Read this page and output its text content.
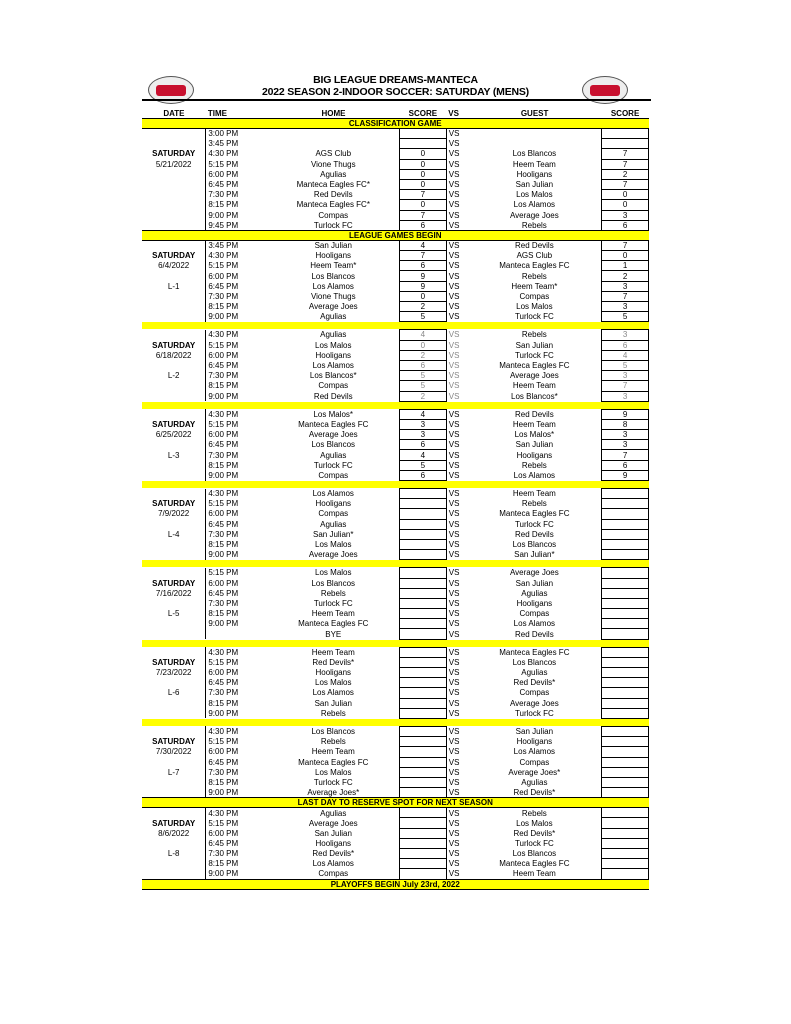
BIG LEAGUE DREAMS-MANTECA
2022 SEASON 2-INDOOR SOCCER: SATURDAY (MENS)
DATE	TIME	HOME	SCORE	VS	GUEST	SCORE
CLASSIFICATION GAME						
	3:00 PM			VS		
	3:45 PM			VS		
SATURDAY	4:30 PM	AGS Club	0	VS	Los Blancos	7
5/21/2022	5:15 PM	Vione Thugs	0	VS	Heem Team	7
	6:00 PM	Agulias	0	VS	Hooligans	2
	6:45 PM	Manteca Eagles FC*	0	VS	San Julian	7
	7:30 PM	Red Devils	7	VS	Los Malos	0
	8:15 PM	Manteca Eagles FC*	0	VS	Los Alamos	0
	9:00 PM	Compas	7	VS	Average Joes	3
	9:45 PM	Turlock FC	6	VS	Rebels	6
LEAGUE GAMES BEGIN						
	3:45 PM	San Julian	4	VS	Red Devils	7
SATURDAY	4:30 PM	Hooligans	7	VS	AGS Club	0
6/4/2022	5:15 PM	Heem Team*	6	VS	Manteca Eagles FC	1
	6:00 PM	Los Blancos	9	VS	Rebels	2
L-1	6:45 PM	Los Alamos	9	VS	Heem Team*	3
	7:30 PM	Vione Thugs	0	VS	Compas	7
	8:15 PM	Average Joes	2	VS	Los Malos	3
	9:00 PM	Agulias	5	VS	Turlock FC	5

	4:30 PM	Agulias	4	VS	Rebels	3
SATURDAY	5:15 PM	Los Malos	0	VS	San Julian	6
6/18/2022	6:00 PM	Hooligans	2	VS	Turlock FC	4
	6:45 PM	Los Alamos	6	VS	Manteca Eagles FC	5
L-2	7:30 PM	Los Blancos*	5	VS	Average Joes	3
	8:15 PM	Compas	5	VS	Heem Team	7
	9:00 PM	Red Devils	2	VS	Los Blancos*	3

	4:30 PM	Los Malos*	4	VS	Red Devils	9
SATURDAY	5:15 PM	Manteca Eagles FC	3	VS	Heem Team	8
6/25/2022	6:00 PM	Average Joes	3	VS	Los Malos*	3
	6:45 PM	Los Blancos	6	VS	San Julian	3
L-3	7:30 PM	Agulias	4	VS	Hooligans	7
	8:15 PM	Turlock FC	5	VS	Rebels	6
	9:00 PM	Compas	6	VS	Los Alamos	9

	4:30 PM	Los Alamos		VS	Heem Team	
SATURDAY	5:15 PM	Hooligans		VS	Rebels	
7/9/2022	6:00 PM	Compas		VS	Manteca Eagles FC	
	6:45 PM	Agulias		VS	Turlock FC	
L-4	7:30 PM	San Julian*		VS	Red Devils	
	8:15 PM	Los Malos		VS	Los Blancos	
	9:00 PM	Average Joes		VS	San Julian*	

	5:15 PM	Los Malos		VS	Average Joes	
SATURDAY	6:00 PM	Los Blancos		VS	San Julian	
7/16/2022	6:45 PM	Rebels		VS	Agulias	
	7:30 PM	Turlock FC		VS	Hooligans	
L-5	8:15 PM	Heem Team		VS	Compas	
	9:00 PM	Manteca Eagles FC		VS	Los Alamos	
		BYE		VS	Red Devils	

	4:30 PM	Heem Team		VS	Manteca Eagles FC	
SATURDAY	5:15 PM	Red Devils*		VS	Los Blancos	
7/23/2022	6:00 PM	Hooligans		VS	Agulias	
	6:45 PM	Los Malos		VS	Red Devils*	
L-6	7:30 PM	Los Alamos		VS	Compas	
	8:15 PM	San Julian		VS	Average Joes	
	9:00 PM	Rebels		VS	Turlock FC	

	4:30 PM	Los Blancos		VS	San Julian	
SATURDAY	5:15 PM	Rebels		VS	Hooligans	
7/30/2022	6:00 PM	Heem Team		VS	Los Alamos	
	6:45 PM	Manteca Eagles FC		VS	Compas	
L-7	7:30 PM	Los Malos		VS	Average Joes*	
	8:15 PM	Turlock FC		VS	Agulias	
	9:00 PM	Average Joes*		VS	Red Devils*	
LAST DAY TO RESERVE SPOT FOR NEXT SEASON						
	4:30 PM	Agulias		VS	Rebels	
SATURDAY	5:15 PM	Average Joes		VS	Los Malos	
8/6/2022	6:00 PM	San Julian		VS	Red Devils*	
	6:45 PM	Hooligans		VS	Turlock FC	
L-8	7:30 PM	Red Devils*		VS	Los Blancos	
	8:15 PM	Los Alamos		VS	Manteca Eagles FC	
	9:00 PM	Compas		VS	Heem Team	
PLAYOFFS BEGIN July 23rd, 2022						
